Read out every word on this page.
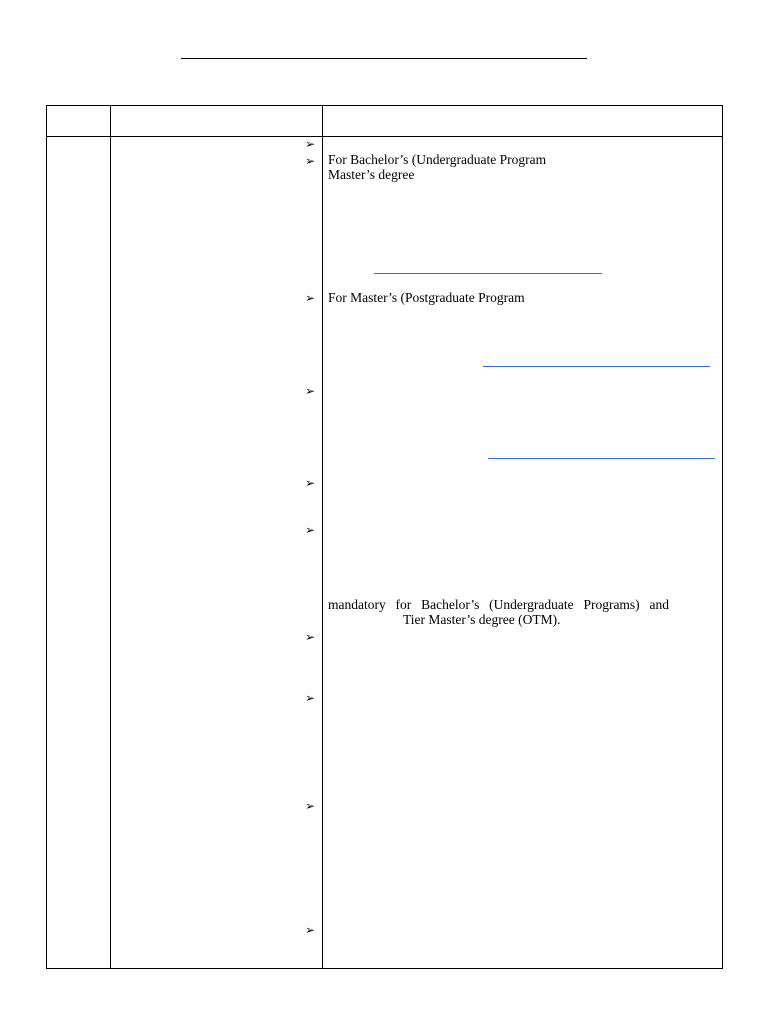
➢
➢
➢
➢
➢
➢
➢
➢
➢
➢
For Bachelor’s (Undergraduate Program
Master’s degree
For Master’s (Postgraduate Program
mandatory for Bachelor’s (Undergraduate Programs) and
Tier Master’s degree (OTM).
